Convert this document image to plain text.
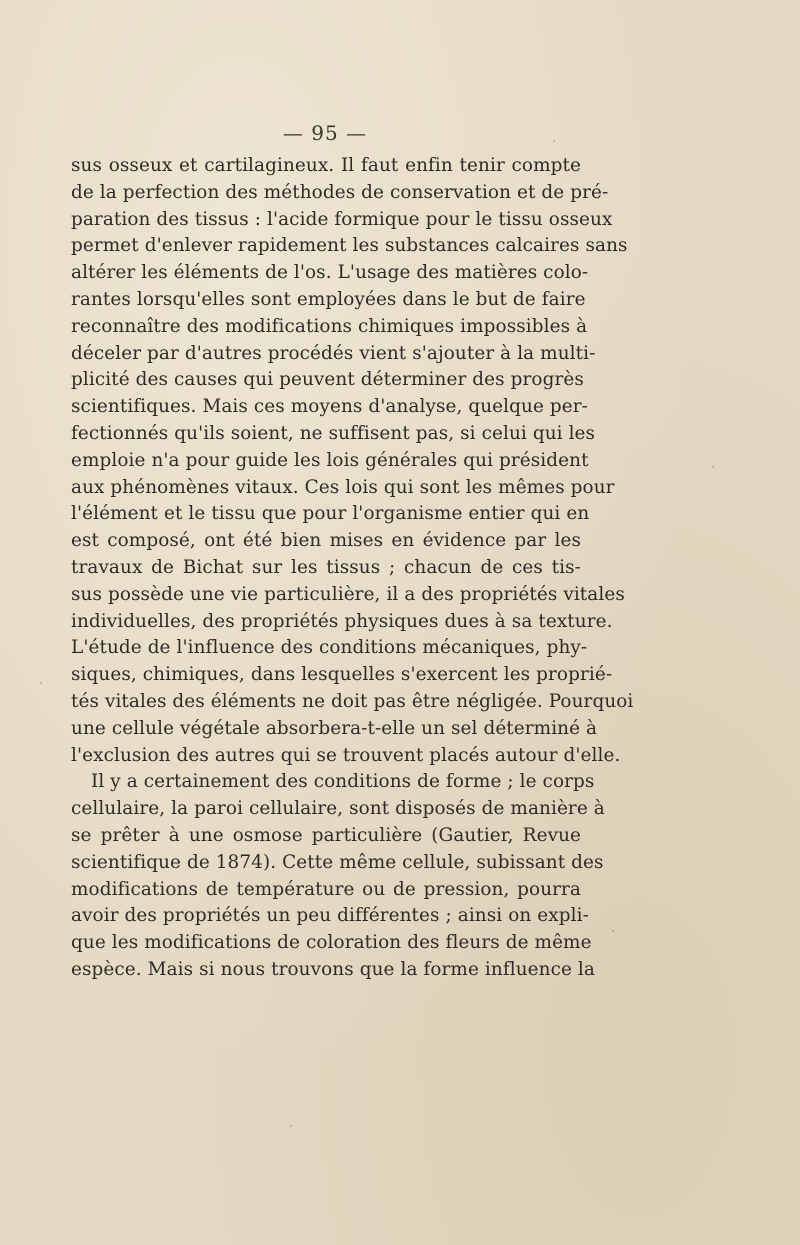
— 95 —
sus osseux et cartilagineux. Il faut enfin tenir compte
de la perfection des méthodes de conservation et de pré-
paration des tissus : l'acide formique pour le tissu osseux
permet d'enlever rapidement les substances calcaires sans
altérer les éléments de l'os. L'usage des matières colo-
rantes lorsqu'elles sont employées dans le but de faire
reconnaître des modifications chimiques impossibles à
déceler par d'autres procédés vient s'ajouter à la multi-
plicité des causes qui peuvent déterminer des progrès
scientifiques. Mais ces moyens d'analyse, quelque per-
fectionnés qu'ils soient, ne suffisent pas, si celui qui les
emploie n'a pour guide les lois générales qui président
aux phénomènes vitaux. Ces lois qui sont les mêmes pour
l'élément et le tissu que pour l'organisme entier qui en
est composé, ont été bien mises en évidence par les
travaux de Bichat sur les tissus ; chacun de ces tis-
sus possède une vie particulière, il a des propriétés vitales
individuelles, des propriétés physiques dues à sa texture.
L'étude de l'influence des conditions mécaniques, phy-
siques, chimiques, dans lesquelles s'exercent les proprié-
tés vitales des éléments ne doit pas être négligée. Pourquoi
une cellule végétale absorbera-t-elle un sel déterminé à
l'exclusion des autres qui se trouvent placés autour d'elle.
Il y a certainement des conditions de forme ; le corps
cellulaire, la paroi cellulaire, sont disposés de manière à
se prêter à une osmose particulière (Gautier, Revue
scientifique de 1874). Cette même cellule, subissant des
modifications de température ou de pression, pourra
avoir des propriétés un peu différentes ; ainsi on expli-
que les modifications de coloration des fleurs de même
espèce. Mais si nous trouvons que la forme influence la
